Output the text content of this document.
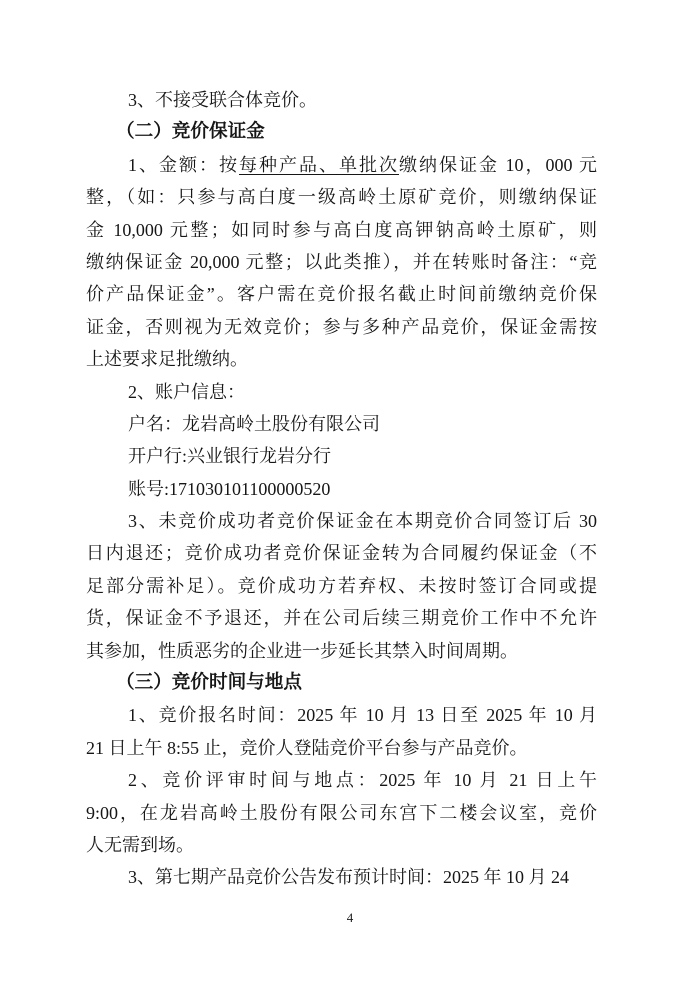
3、不接受联合体竞价。
（二）竞价保证金
1、金额：按每种产品、单批次缴纳保证金 10，000 元
整，（如：只参与高白度一级高岭土原矿竞价，则缴纳保证
金 10,000 元整；如同时参与高白度高钾钠高岭土原矿，则
缴纳保证金 20,000 元整；以此类推），并在转账时备注：“竞
价产品保证金”。客户需在竞价报名截止时间前缴纳竞价保
证金，否则视为无效竞价；参与多种产品竞价，保证金需按
上述要求足批缴纳。
2、账户信息：
户名：龙岩高岭土股份有限公司
开户行:兴业银行龙岩分行
账号:171030101100000520
3、未竞价成功者竞价保证金在本期竞价合同签订后 30
日内退还；竞价成功者竞价保证金转为合同履约保证金（不
足部分需补足）。竞价成功方若弃权、未按时签订合同或提
货，保证金不予退还，并在公司后续三期竞价工作中不允许
其参加，性质恶劣的企业进一步延长其禁入时间周期。
（三）竞价时间与地点
1、竞价报名时间：2025 年 10 月 13 日至 2025 年 10 月
21 日上午 8:55 止，竞价人登陆竞价平台参与产品竞价。
2、竞价评审时间与地点：2025 年 10 月 21 日上午
9:00，在龙岩高岭土股份有限公司东宫下二楼会议室，竞价
人无需到场。
3、第七期产品竞价公告发布预计时间：2025 年 10 月 24
4
